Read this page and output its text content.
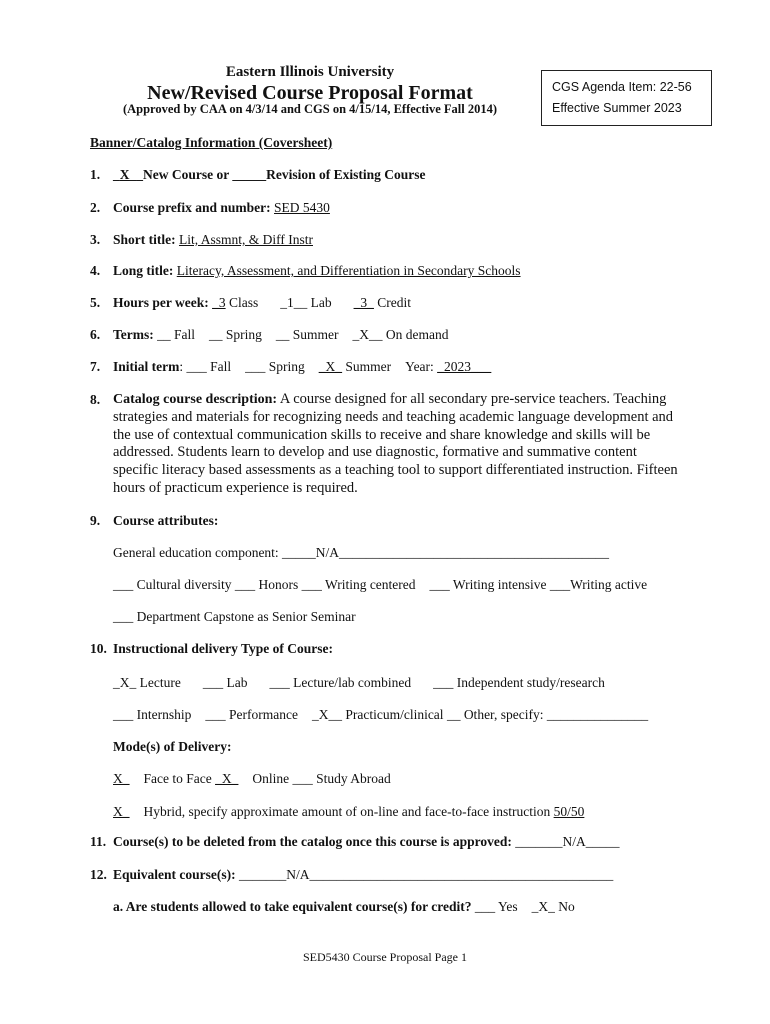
Eastern Illinois University
New/Revised Course Proposal Format
(Approved by CAA on 4/3/14 and CGS on 4/15/14, Effective Fall 2014)
CGS Agenda Item: 22-56
Effective Summer 2023
Banner/Catalog Information (Coversheet)
1. _X__New Course or _____Revision of Existing Course
2. Course prefix and number: SED 5430
3. Short title: Lit, Assmnt, & Diff Instr
4. Long title: Literacy, Assessment, and Differentiation in Secondary Schools
5. Hours per week: _3 Class _1__ Lab _3_ Credit
6. Terms: __ Fall __ Spring __ Summer _X__ On demand
7. Initial term: ___ Fall ___ Spring _X_ Summer Year: _2023___
8. Catalog course description: A course designed for all secondary pre-service teachers. Teaching strategies and materials for recognizing needs and teaching academic language development and the use of contextual communication skills to receive and share knowledge and skills will be addressed. Students learn to develop and use diagnostic, formative and summative content specific literacy based assessments as a teaching tool to support differentiated instruction. Fifteen hours of practicum experience is required.
9. Course attributes:
General education component: _____N/A________________________________________
___ Cultural diversity ___ Honors ___ Writing centered ___ Writing intensive ___Writing active
___ Department Capstone as Senior Seminar
10. Instructional delivery Type of Course:
_X_ Lecture ___ Lab ___ Lecture/lab combined ___ Independent study/research
___ Internship ___ Performance _X__ Practicum/clinical __ Other, specify: _______________
Mode(s) of Delivery:
X_ Face to Face _X_ Online ___ Study Abroad
X_ Hybrid, specify approximate amount of on-line and face-to-face instruction 50/50
11. Course(s) to be deleted from the catalog once this course is approved: _______N/A_____
12. Equivalent course(s): _______N/A_____________________________________________
a. Are students allowed to take equivalent course(s) for credit? ___ Yes _X_ No
SED5430 Course Proposal Page 1
